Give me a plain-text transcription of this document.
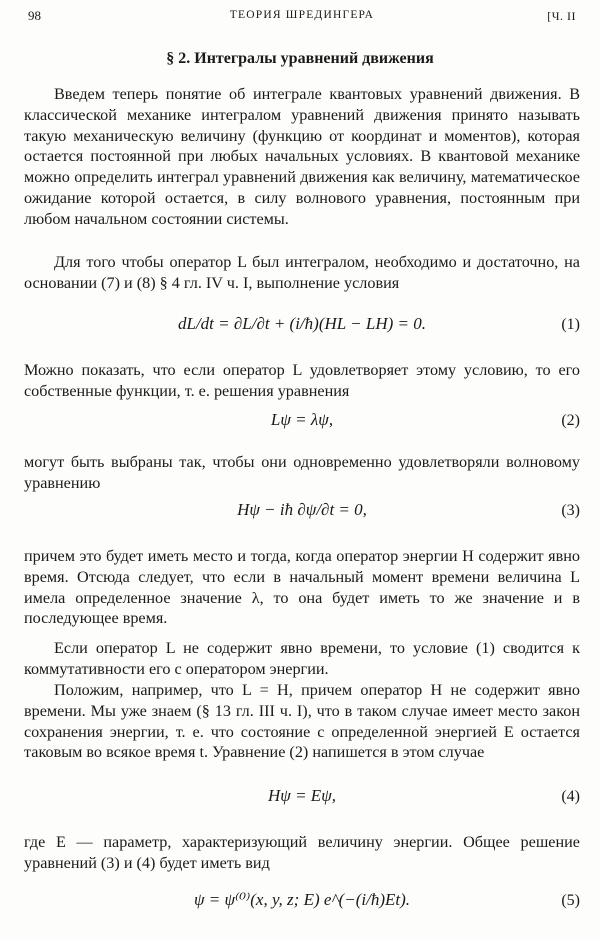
98	ТЕОРИЯ ШРЕДИНГЕРА	[Ч. II
§ 2. Интегралы уравнений движения
Введем теперь понятие об интеграле квантовых уравнений движения. В классической механике интегралом уравнений движения принято называть такую механическую величину (функцию от координат и моментов), которая остается постоянной при любых начальных условиях. В квантовой механике можно определить интеграл уравнений движения как величину, математическое ожидание которой остается, в силу волнового уравнения, постоянным при любом начальном состоянии системы.
Для того чтобы оператор L был интегралом, необходимо и достаточно, на основании (7) и (8) § 4 гл. IV ч. I, выполнение условия
dL/dt = ∂L/∂t + (i/ħ)(HL − LH) = 0.	(1)
Можно показать, что если оператор L удовлетворяет этому условию, то его собственные функции, т. е. решения уравнения
Lψ = λψ,	(2)
могут быть выбраны так, чтобы они одновременно удовлетворяли волновому уравнению
Hψ − iħ ∂ψ/∂t = 0,	(3)
причем это будет иметь место и тогда, когда оператор энергии H содержит явно время. Отсюда следует, что если в начальный момент времени величина L имела определенное значение λ, то она будет иметь то же значение и в последующее время.
Если оператор L не содержит явно времени, то условие (1) сводится к коммутативности его с оператором энергии.
Положим, например, что L = H, причем оператор H не содержит явно времени. Мы уже знаем (§ 13 гл. III ч. I), что в таком случае имеет место закон сохранения энергии, т. е. что состояние с определенной энергией E остается таковым во всякое время t. Уравнение (2) напишется в этом случае
Hψ = Eψ,	(4)
где E — параметр, характеризующий величину энергии. Общее решение уравнений (3) и (4) будет иметь вид
ψ = ψ⁽⁰⁾(x, y, z; E) e^(−(i/ħ)Et).	(5)
